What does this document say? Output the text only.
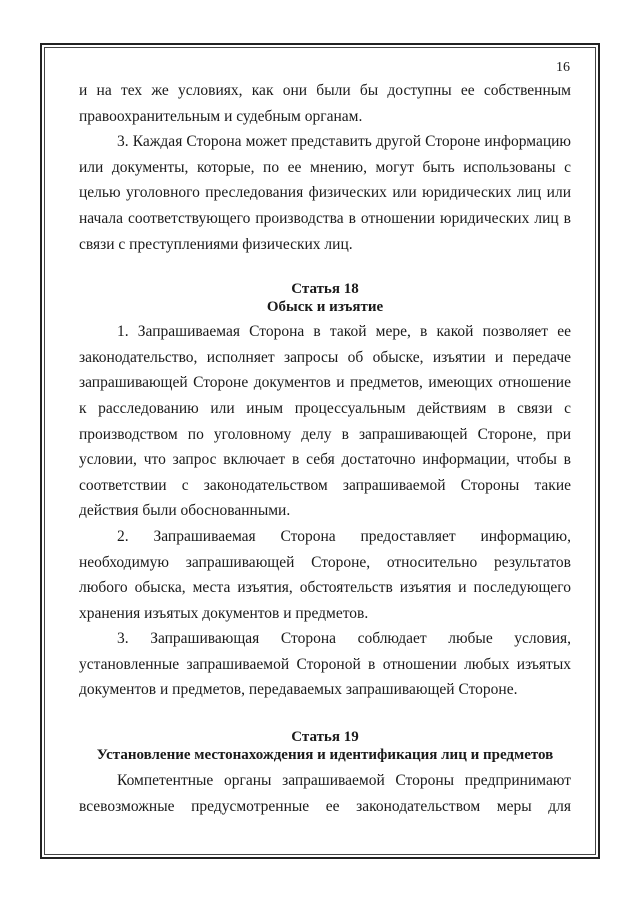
16

и на тех же условиях, как они были бы доступны ее собственным правоохранительным и судебным органам.

3. Каждая Сторона может представить другой Стороне информацию или документы, которые, по ее мнению, могут быть использованы с целью уголовного преследования физических или юридических лиц или начала соответствующего производства в отношении юридических лиц в связи с преступлениями физических лиц.

Статья 18
Обыск и изъятие

1. Запрашиваемая Сторона в такой мере, в какой позволяет ее законодательство, исполняет запросы об обыске, изъятии и передаче запрашивающей Стороне документов и предметов, имеющих отношение к расследованию или иным процессуальным действиям в связи с производством по уголовному делу в запрашивающей Стороне, при условии, что запрос включает в себя достаточно информации, чтобы в соответствии с законодательством запрашиваемой Стороны такие действия были обоснованными.

2. Запрашиваемая Сторона предоставляет информацию, необходимую запрашивающей Стороне, относительно результатов любого обыска, места изъятия, обстоятельств изъятия и последующего хранения изъятых документов и предметов.

3. Запрашивающая Сторона соблюдает любые условия, установленные запрашиваемой Стороной в отношении любых изъятых документов и предметов, передаваемых запрашивающей Стороне.

Статья 19
Установление местонахождения и идентификация лиц и предметов

Компетентные органы запрашиваемой Стороны предпринимают всевозможные предусмотренные ее законодательством меры для
